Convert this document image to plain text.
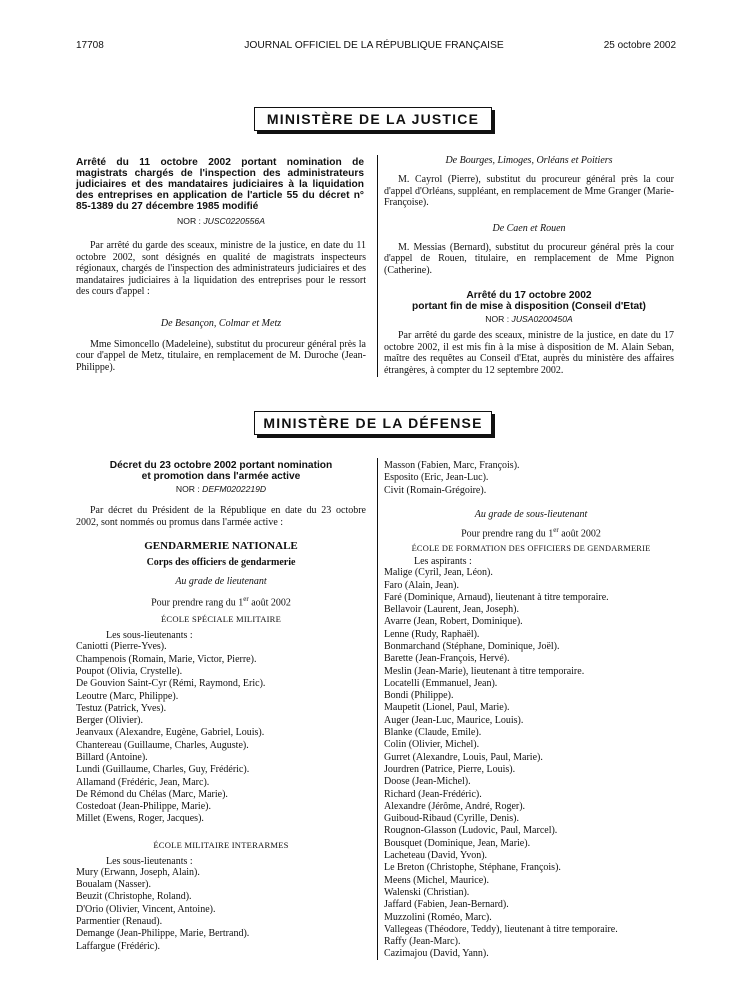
17708	JOURNAL OFFICIEL DE LA RÉPUBLIQUE FRANÇAISE	25 octobre 2002
MINISTÈRE DE LA JUSTICE
Arrêté du 11 octobre 2002 portant nomination de magistrats chargés de l'inspection des administrateurs judiciaires et des mandataires judiciaires à la liquidation des entreprises en application de l'article 55 du décret n° 85-1389 du 27 décembre 1985 modifié
NOR : JUSC0220556A
Par arrêté du garde des sceaux, ministre de la justice, en date du 11 octobre 2002, sont désignés en qualité de magistrats inspecteurs régionaux, chargés de l'inspection des administrateurs judiciaires et des mandataires judiciaires à la liquidation des entreprises pour le ressort des cours d'appel :
De Besançon, Colmar et Metz
Mme Simoncello (Madeleine), substitut du procureur général près la cour d'appel de Metz, titulaire, en remplacement de M. Duroche (Jean-Philippe).
De Bourges, Limoges, Orléans et Poitiers
M. Cayrol (Pierre), substitut du procureur général près la cour d'appel d'Orléans, suppléant, en remplacement de Mme Granger (Marie-Françoise).
De Caen et Rouen
M. Messias (Bernard), substitut du procureur général près la cour d'appel de Rouen, titulaire, en remplacement de Mme Pignon (Catherine).
Arrêté du 17 octobre 2002
portant fin de mise à disposition (Conseil d'Etat)
NOR : JUSA0200450A
Par arrêté du garde des sceaux, ministre de la justice, en date du 17 octobre 2002, il est mis fin à la mise à disposition de M. Alain Seban, maître des requêtes au Conseil d'Etat, auprès du ministère des affaires étrangères, à compter du 12 septembre 2002.
MINISTÈRE DE LA DÉFENSE
Décret du 23 octobre 2002 portant nomination
et promotion dans l'armée active
NOR : DEFM0202219D
Par décret du Président de la République en date du 23 octobre 2002, sont nommés ou promus dans l'armée active :
GENDARMERIE NATIONALE
Corps des officiers de gendarmerie
Au grade de lieutenant
Pour prendre rang du 1er août 2002
ÉCOLE SPÉCIALE MILITAIRE
Les sous-lieutenants :
Caniotti (Pierre-Yves).
Champenois (Romain, Marie, Victor, Pierre).
Poupot (Olivia, Crystelle).
De Gouvion Saint-Cyr (Rémi, Raymond, Eric).
Leoutre (Marc, Philippe).
Testuz (Patrick, Yves).
Berger (Olivier).
Jeanvaux (Alexandre, Eugène, Gabriel, Louis).
Chantereau (Guillaume, Charles, Auguste).
Billard (Antoine).
Lundi (Guillaume, Charles, Guy, Frédéric).
Allamand (Frédéric, Jean, Marc).
De Rémond du Chélas (Marc, Marie).
Costedoat (Jean-Philippe, Marie).
Millet (Ewens, Roger, Jacques).
ÉCOLE MILITAIRE INTERARMES
Les sous-lieutenants :
Mury (Erwann, Joseph, Alain).
Boualam (Nasser).
Beuzit (Christophe, Roland).
D'Orio (Olivier, Vincent, Antoine).
Parmentier (Renaud).
Demange (Jean-Philippe, Marie, Bertrand).
Laffargue (Frédéric).
Masson (Fabien, Marc, François).
Esposito (Eric, Jean-Luc).
Civit (Romain-Grégoire).
Au grade de sous-lieutenant
Pour prendre rang du 1er août 2002
ÉCOLE DE FORMATION DES OFFICIERS DE GENDARMERIE
Les aspirants :
Malige (Cyril, Jean, Léon).
Faro (Alain, Jean).
Faré (Dominique, Arnaud), lieutenant à titre temporaire.
Bellavoir (Laurent, Jean, Joseph).
Avarre (Jean, Robert, Dominique).
Lenne (Rudy, Raphaël).
Bonmarchand (Stéphane, Dominique, Joël).
Barette (Jean-François, Hervé).
Meslin (Jean-Marie), lieutenant à titre temporaire.
Locatelli (Emmanuel, Jean).
Bondi (Philippe).
Maupetit (Lionel, Paul, Marie).
Auger (Jean-Luc, Maurice, Louis).
Blanke (Claude, Emile).
Colin (Olivier, Michel).
Gurret (Alexandre, Louis, Paul, Marie).
Jourdren (Patrice, Pierre, Louis).
Doose (Jean-Michel).
Richard (Jean-Frédéric).
Alexandre (Jérôme, André, Roger).
Guiboud-Ribaud (Cyrille, Denis).
Rougnon-Glasson (Ludovic, Paul, Marcel).
Bousquet (Dominique, Jean, Marie).
Lacheteau (David, Yvon).
Le Breton (Christophe, Stéphane, François).
Meens (Michel, Maurice).
Walenski (Christian).
Jaffard (Fabien, Jean-Bernard).
Muzzolini (Roméo, Marc).
Vallegeas (Théodore, Teddy), lieutenant à titre temporaire.
Raffy (Jean-Marc).
Cazimajou (David, Yann).
